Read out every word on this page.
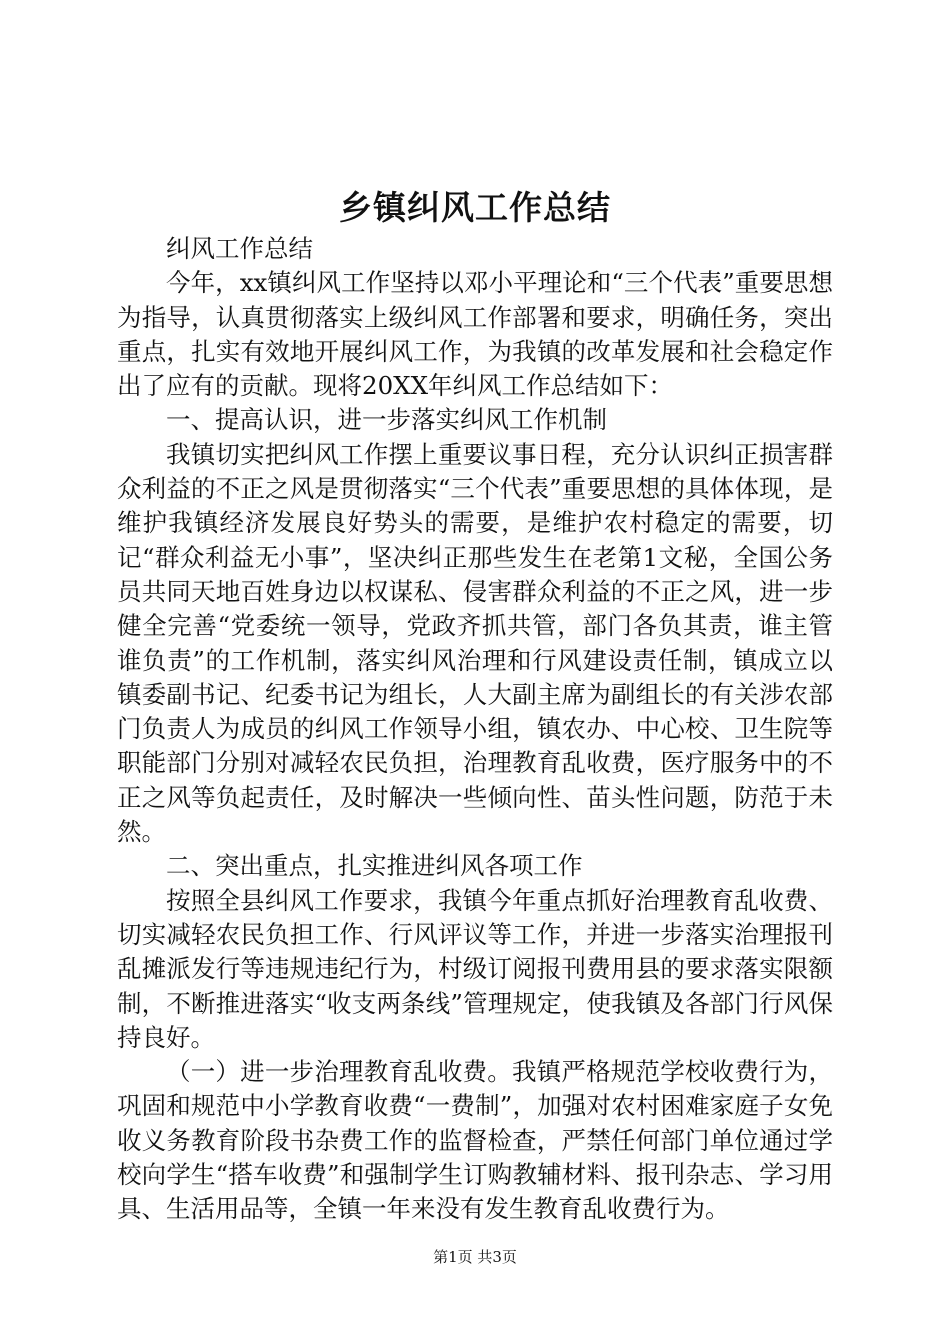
乡镇纠风工作总结

纠风工作总结

今年，xx镇纠风工作坚持以邓小平理论和“三个代表”重要思想为指导，认真贯彻落实上级纠风工作部署和要求，明确任务，突出重点，扎实有效地开展纠风工作，为我镇的改革发展和社会稳定作出了应有的贡献。现将20XX年纠风工作总结如下：

一、提高认识，进一步落实纠风工作机制

我镇切实把纠风工作摆上重要议事日程，充分认识纠正损害群众利益的不正之风是贯彻落实“三个代表”重要思想的具体体现，是维护我镇经济发展良好势头的需要，是维护农村稳定的需要，切记“群众利益无小事”，坚决纠正那些发生在老第1文秘，全国公务员共同天地百姓身边以权谋私、侵害群众利益的不正之风，进一步健全完善“党委统一领导，党政齐抓共管，部门各负其责，谁主管谁负责”的工作机制，落实纠风治理和行风建设责任制，镇成立以镇委副书记、纪委书记为组长，人大副主席为副组长的有关涉农部门负责人为成员的纠风工作领导小组，镇农办、中心校、卫生院等职能部门分别对减轻农民负担，治理教育乱收费，医疗服务中的不正之风等负起责任，及时解决一些倾向性、苗头性问题，防范于未然。

二、突出重点，扎实推进纠风各项工作

按照全县纠风工作要求，我镇今年重点抓好治理教育乱收费、切实减轻农民负担工作、行风评议等工作，并进一步落实治理报刊乱摊派发行等违规违纪行为，村级订阅报刊费用县的要求落实限额制，不断推进落实“收支两条线”管理规定，使我镇及各部门行风保持良好。

（一）进一步治理教育乱收费。我镇严格规范学校收费行为，巩固和规范中小学教育收费“一费制”，加强对农村困难家庭子女免收义务教育阶段书杂费工作的监督检查，严禁任何部门单位通过学校向学生“搭车收费”和强制学生订购教辅材料、报刊杂志、学习用具、生活用品等，全镇一年来没有发生教育乱收费行为。

第1页 共3页
